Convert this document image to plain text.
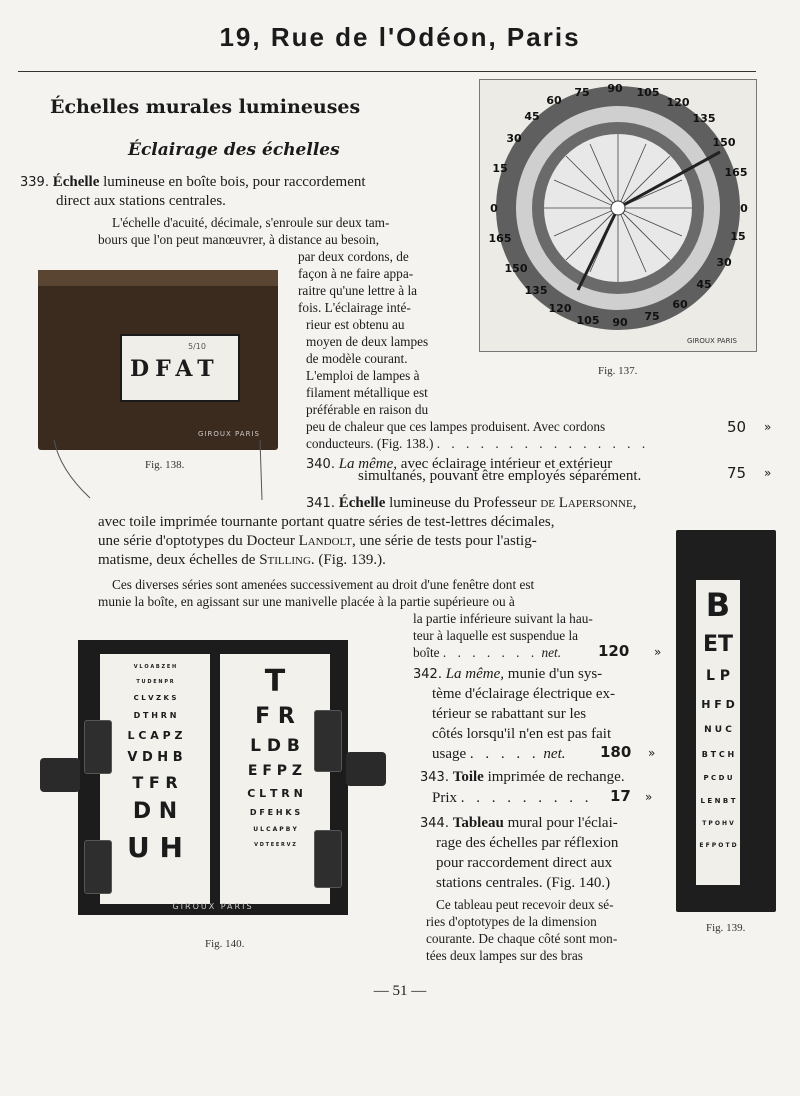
19, Rue de l'Odéon, Paris
Échelles murales lumineuses
Éclairage des échelles
339. Échelle lumineuse en boîte bois, pour raccordement
direct aux stations centrales.
L'échelle d'acuité, décimale, s'enroule sur deux tam-
bours que l'on peut manœuvrer, à distance au besoin,
par deux cordons, de
façon à ne faire appa-
raitre qu'une lettre à la
fois. L'éclairage inté-
rieur est obtenu au
moyen de deux lampes
de modèle courant.
L'emploi de lampes à
filament métallique est
préférable en raison du
peu de chaleur que ces lampes produisent. Avec cordons
conducteurs. (Fig. 138.) . . . . . . . . . . . . . . .
50 »
340. La même, avec éclairage intérieur et extérieur
simultanés, pouvant être employés séparément.	75 »
341. Échelle lumineuse du Professeur de Lapersonne,
avec toile imprimée tournante portant quatre séries de test-lettres décimales,
une série d'optotypes du Docteur Landolt, une série de tests pour l'astig-
matisme, deux échelles de Stilling. (Fig. 139.).
Ces diverses séries sont amenées successivement au droit d'une fenêtre dont est
munie la boîte, en agissant sur une manivelle placée à la partie supérieure ou à
la partie inférieure suivant la hau-
teur à laquelle est suspendue la
boîte . . . . . . . net. 120 »
342. La même, munie d'un sys-
tème d'éclairage électrique ex-
térieur se rabattant sur les
côtés lorsqu'il n'en est pas fait
usage . . . . . net. 180 »
343. Toile imprimée de rechange.
Prix . . . . . . . . . 17 »
344. Tableau mural pour l'éclai-
rage des échelles par réflexion
pour raccordement direct aux
stations centrales. (Fig. 140.)
Ce tableau peut recevoir deux sé-
ries d'optotypes de la dimension
courante. De chaque côté sont mon-
tées deux lampes sur des bras
0
15
30
45
60
75 90 105
120
135
150
165
0
165
150
135
120
105 90 75
60
45
30
15
GIROUX PARIS
Fig. 137.
5/10
DFAT
GIROUX PARIS
Fig. 138.
B
ET
L P
H F D
N U C
B T C H
P C D U
L E N B T
T P O H V
E F P O T D
Fig. 139.
V L O A B Z E H
T U D E N P R
C L V Z K S
D T H R N
L C A P Z
V D H B
T F R
D N
U H
T
F R
L D B
E F P Z
C L T R N
D F E H K S
U L C A P B Y
V D T E E R V Z
GIROUX PARIS
Fig. 140.
— 51 —
